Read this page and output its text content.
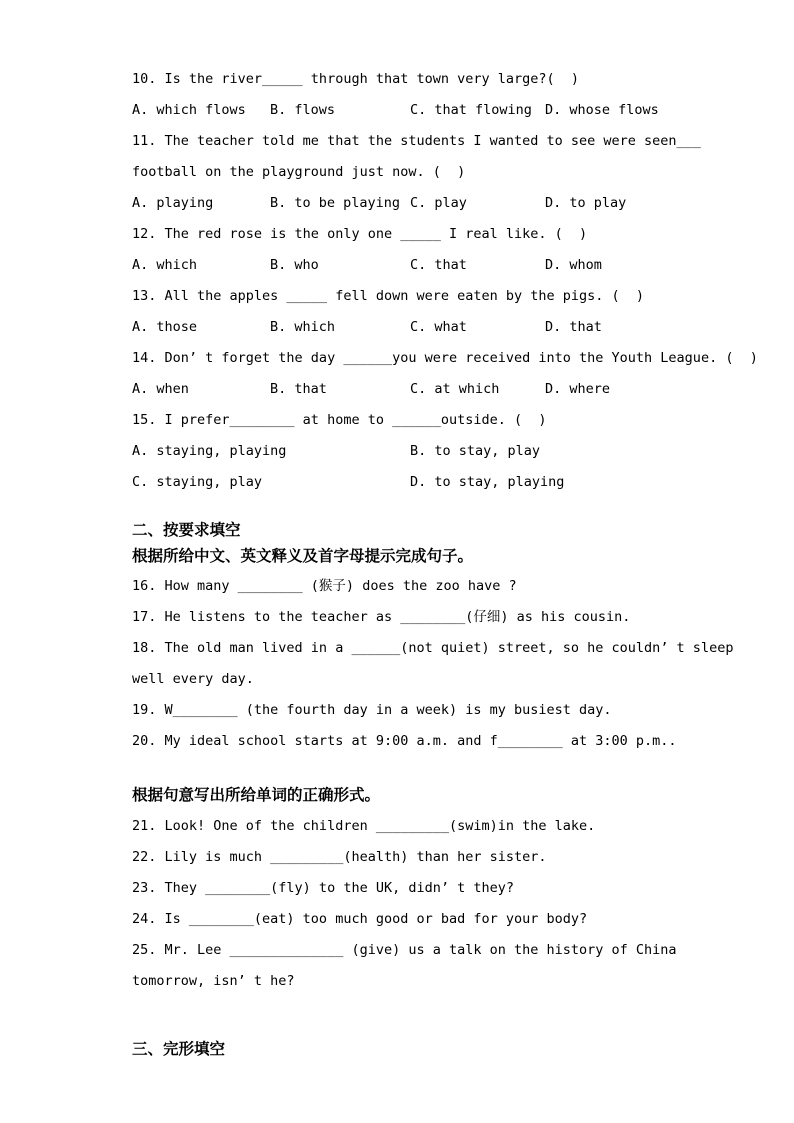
10. Is the river_____ through that town very large?(  )
A. which flows	B. flows	C. that flowing D. whose flows
11. The teacher told me that the students I wanted to see were seen___
football on the playground just now. (  )
A. playing	B. to be playing C. play	D. to play
12. The red rose is the only one _____ I real like. (  )
A. which	B. who	C. that	D. whom
13. All the apples _____ fell down were eaten by the pigs. (  )
A. those	B. which	C. what	D. that
14. Don’ t forget the day ______you were received into the Youth League. (  )
A. when	B. that	C. at which	D. where
15. I prefer________ at home to ______outside. (  )
A. staying, playing	B. to stay, play
C. staying, play	D. to stay, playing
二、按要求填空
根据所给中文、英文释义及首字母提示完成句子。
16. How many ________ (猴子) does the zoo have ?
17. He listens to the teacher as ________(仔细) as his cousin.
18. The old man lived in a ______(not quiet) street, so he couldn’ t sleep
well every day.
19. W________ (the fourth day in a week) is my busiest day.
20. My ideal school starts at 9:00 a.m. and f________ at 3:00 p.m..
根据句意写出所给单词的正确形式。
21. Look! One of the children _________(swim)in the lake.
22. Lily is much _________(health) than her sister.
23. They ________(fly) to the UK, didn’ t they?
24. Is ________(eat) too much good or bad for your body?
25. Mr. Lee ______________ (give) us a talk on the history of China
tomorrow, isn’ t he?
三、完形填空
